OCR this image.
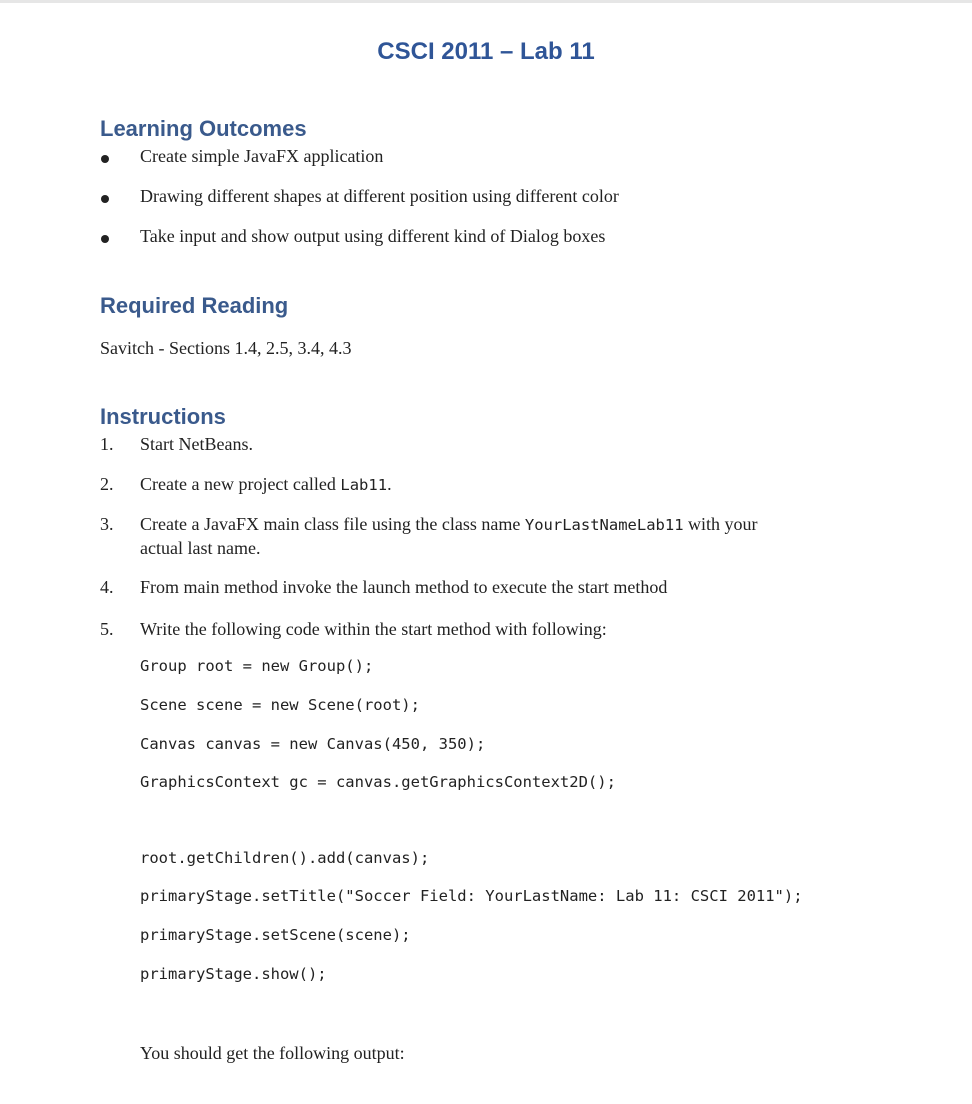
CSCI 2011 – Lab 11
Learning Outcomes
Create simple JavaFX application
Drawing different shapes at different position using different color
Take input and show output using different kind of Dialog boxes
Required Reading
Savitch - Sections 1.4, 2.5, 3.4, 4.3
Instructions
1. Start NetBeans.
2. Create a new project called Lab11.
3. Create a JavaFX main class file using the class name YourLastNameLab11 with your
actual last name.
4. From main method invoke the launch method to execute the start method
5. Write the following code within the start method with following:
Group root = new Group();
Scene scene = new Scene(root);
Canvas canvas = new Canvas(450, 350);
GraphicsContext gc = canvas.getGraphicsContext2D();
root.getChildren().add(canvas);
primaryStage.setTitle("Soccer Field: YourLastName: Lab 11: CSCI 2011");
primaryStage.setScene(scene);
primaryStage.show();
You should get the following output:
